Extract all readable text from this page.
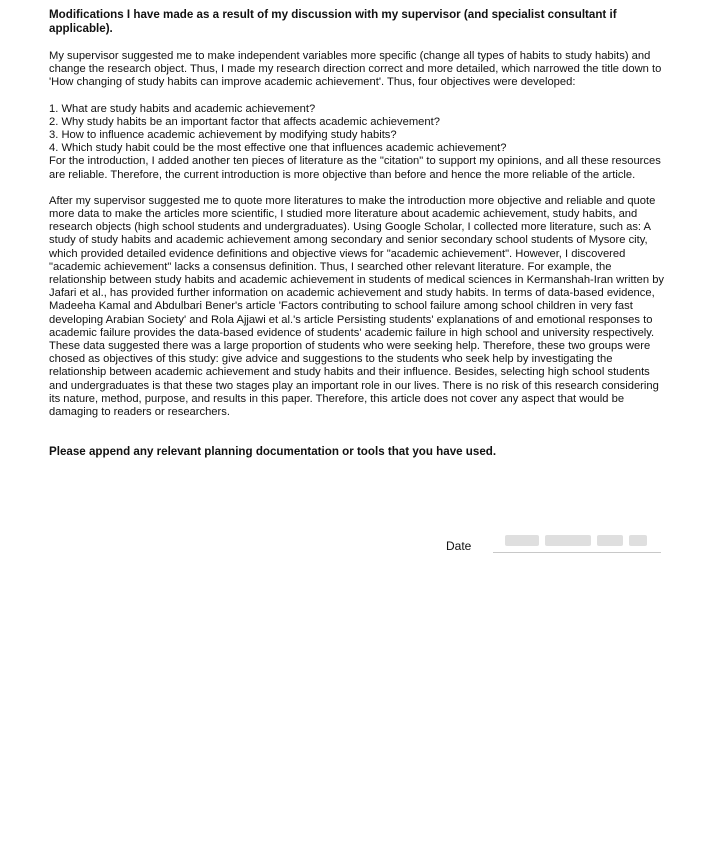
Modifications I have made as a result of my discussion with my supervisor (and specialist consultant if applicable).

My supervisor suggested me to make independent variables more specific (change all types of habits to study habits) and change the research object. Thus, I made my research direction correct and more detailed, which narrowed the title down to 'How changing of study habits can improve academic achievement'. Thus, four objectives were developed:

1. What are study habits and academic achievement?
2. Why study habits be an important factor that affects academic achievement?
3. How to influence academic achievement by modifying study habits?
4. Which study habit could be the most effective one that influences academic achievement?

For the introduction, I added another ten pieces of literature as the "citation" to support my opinions, and all these resources are reliable. Therefore, the current introduction is more objective than before and hence the more reliable of the article.

After my supervisor suggested me to quote more literatures to make the introduction more objective and reliable and quote more data to make the articles more scientific, I studied more literature about academic achievement, study habits, and research objects (high school students and undergraduates). Using Google Scholar, I collected more literature, such as: A study of study habits and academic achievement among secondary and senior secondary school students of Mysore city, which provided detailed evidence definitions and objective views for "academic achievement". However, I discovered "academic achievement" lacks a consensus definition. Thus, I searched other relevant literature. For example, the relationship between study habits and academic achievement in students of medical sciences in Kermanshah-Iran written by Jafari et al., has provided further information on academic achievement and study habits. In terms of data-based evidence, Madeeha Kamal and Abdulbari Bener's article 'Factors contributing to school failure among school children in very fast developing Arabian Society' and Rola Ajjawi et al.'s article Persisting students' explanations of and emotional responses to academic failure provides the data-based evidence of students' academic failure in high school and university respectively. These data suggested there was a large proportion of students who were seeking help. Therefore, these two groups were chosed as objectives of this study: give advice and suggestions to the students who seek help by investigating the relationship between academic achievement and study habits and their influence. Besides, selecting high school students and undergraduates is that these two stages play an important role in our lives. There is no risk of this research considering its nature, method, purpose, and results in this paper. Therefore, this article does not cover any aspect that would be damaging to readers or researchers.

Please append any relevant planning documentation or tools that you have used.

Date
